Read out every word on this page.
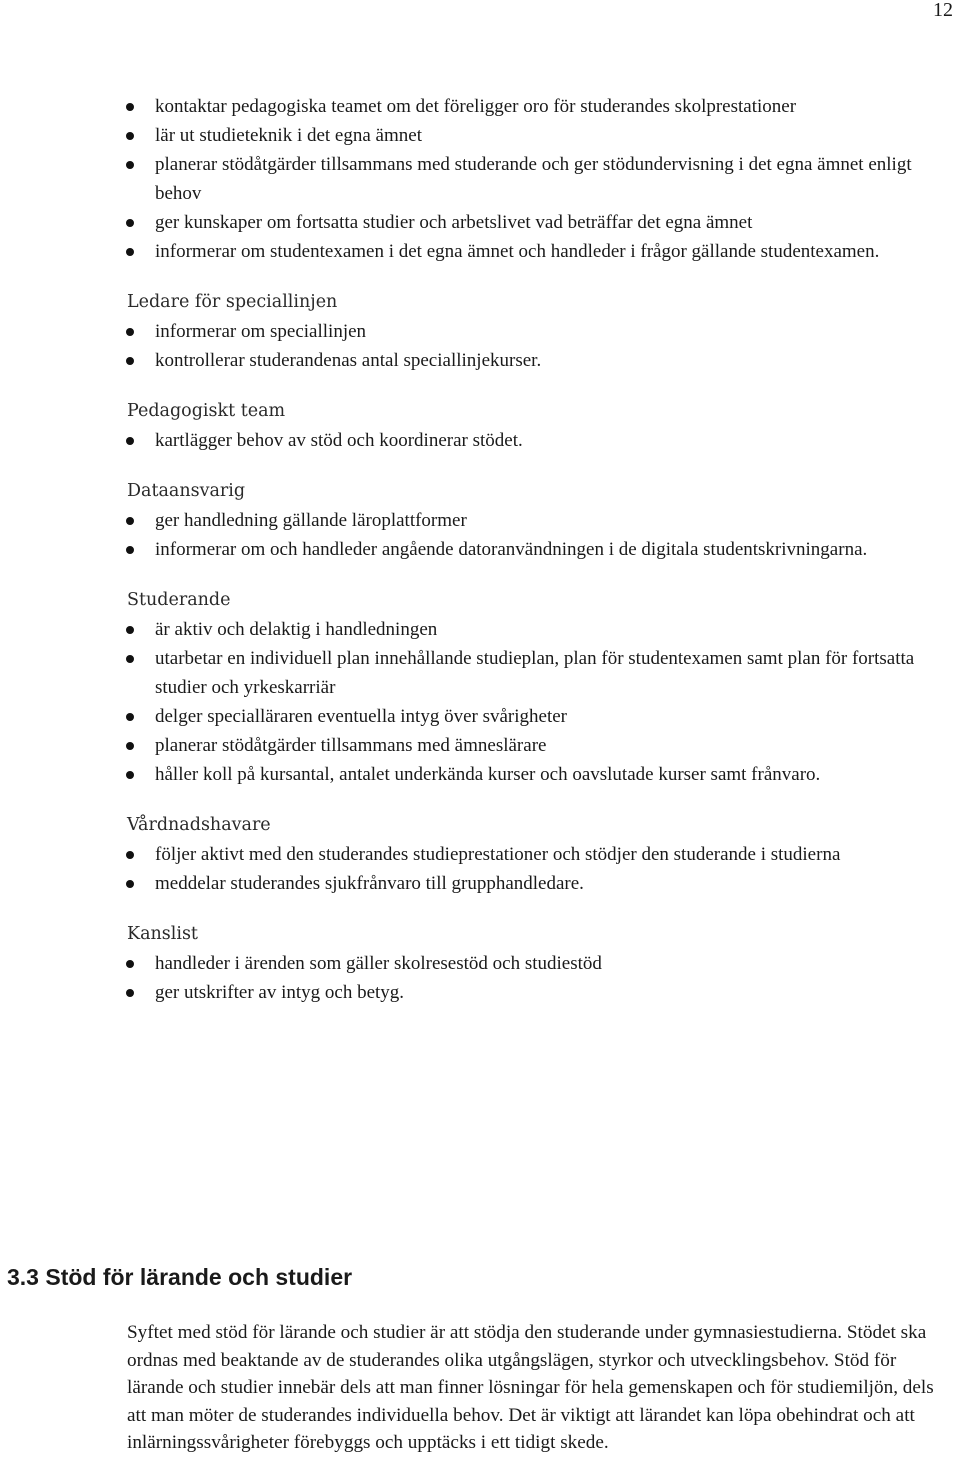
12
kontaktar pedagogiska teamet om det föreligger oro för studerandes skolprestationer
lär ut studieteknik i det egna ämnet
planerar stödåtgärder tillsammans med studerande och ger stödundervisning i det egna ämnet enligt behov
ger kunskaper om fortsatta studier och arbetslivet vad beträffar det egna ämnet
informerar om studentexamen i det egna ämnet och handleder i frågor gällande studentexamen.
Ledare för speciallinjen
informerar om speciallinjen
kontrollerar studerandenas antal speciallinjekurser.
Pedagogiskt team
kartlägger behov av stöd och koordinerar stödet.
Dataansvarig
ger handledning gällande läroplattformer
informerar om och handleder angående datoranvändningen i de digitala studentskrivningarna.
Studerande
är aktiv och delaktig i handledningen
utarbetar en individuell plan innehållande studieplan, plan för studentexamen samt plan för fortsatta studier och yrkeskarriär
delger specialläraren eventuella intyg över svårigheter
planerar stödåtgärder tillsammans med ämneslärare
håller koll på kursantal, antalet underkända kurser och oavslutade kurser samt frånvaro.
Vårdnadshavare
följer aktivt med den studerandes studieprestationer och stödjer den studerande i studierna
meddelar studerandes sjukfrånvaro till grupphandledare.
Kanslist
handleder i ärenden som gäller skolresestöd och studiestöd
ger utskrifter av intyg och betyg.
3.3 Stöd för lärande och studier

Syftet med stöd för lärande och studier är att stödja den studerande under gymnasiestudierna. Stödet ska ordnas med beaktande av de studerandes olika utgångslägen, styrkor och utvecklingsbehov. Stöd för lärande och studier innebär dels att man finner lösningar för hela gemenskapen och för studiemiljön, dels att man möter de studerandes individuella behov. Det är viktigt att lärandet kan löpa obehindrat och att inlärningssvårigheter förebyggs och upptäcks i ett tidigt skede.
